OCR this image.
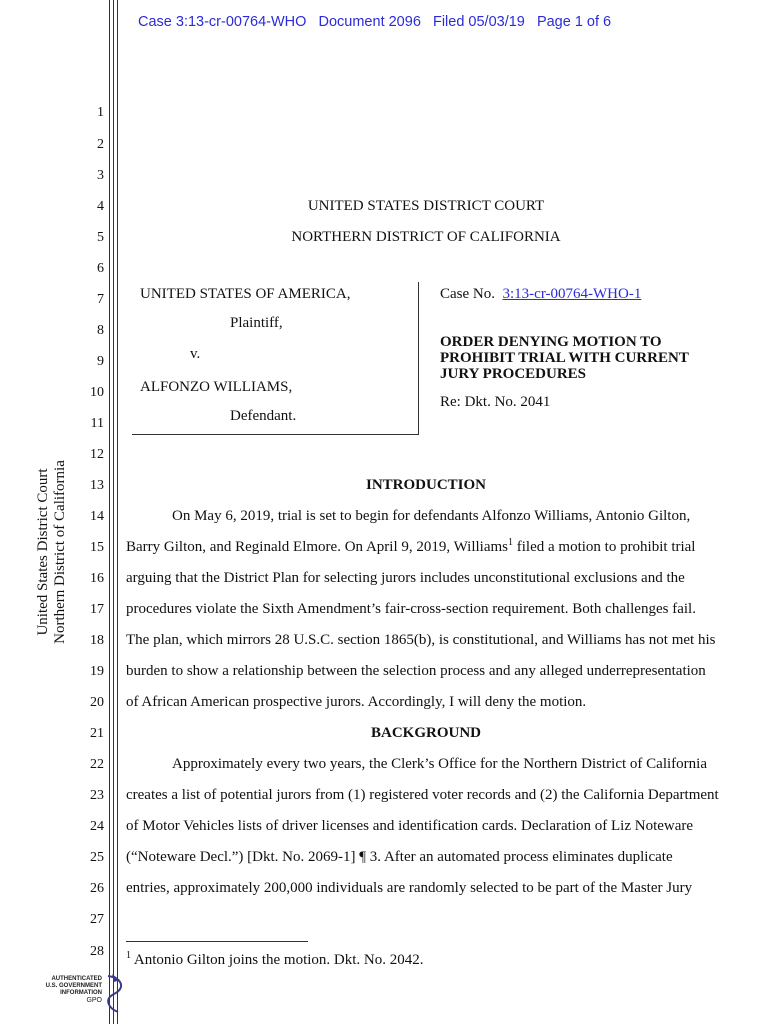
Case 3:13-cr-00764-WHO   Document 2096   Filed 05/03/19   Page 1 of 6
United States District Court Northern District of California
1
2
3
4
5
6
7
8
9
10
11
12
13
14
15
16
17
18
19
20
21
22
23
24
25
26
27
28
UNITED STATES DISTRICT COURT
NORTHERN DISTRICT OF CALIFORNIA
UNITED STATES OF AMERICA,
Plaintiff,
v.
ALFONZO WILLIAMS,
Defendant.
Case No. 3:13-cr-00764-WHO-1
ORDER DENYING MOTION TO
PROHIBIT TRIAL WITH CURRENT
JURY PROCEDURES
Re: Dkt. No. 2041
INTRODUCTION
On May 6, 2019, trial is set to begin for defendants Alfonzo Williams, Antonio Gilton,
Barry Gilton, and Reginald Elmore. On April 9, 2019, Williams$^1$ filed a motion to prohibit trial
arguing that the District Plan for selecting jurors includes unconstitutional exclusions and the
procedures violate the Sixth Amendment’s fair-cross-section requirement. Both challenges fail.
The plan, which mirrors 28 U.S.C. section 1865(b), is constitutional, and Williams has not met his
burden to show a relationship between the selection process and any alleged underrepresentation
of African American prospective jurors. Accordingly, I will deny the motion.
BACKGROUND
Approximately every two years, the Clerk’s Office for the Northern District of California
creates a list of potential jurors from (1) registered voter records and (2) the California Department
of Motor Vehicles lists of driver licenses and identification cards. Declaration of Liz Noteware
(“Noteware Decl.”) [Dkt. No. 2069-1] ¶ 3. After an automated process eliminates duplicate
entries, approximately 200,000 individuals are randomly selected to be part of the Master Jury
$^1$ Antonio Gilton joins the motion. Dkt. No. 2042.
AUTHENTICATED
U.S. GOVERNMENT
INFORMATION
GPO
